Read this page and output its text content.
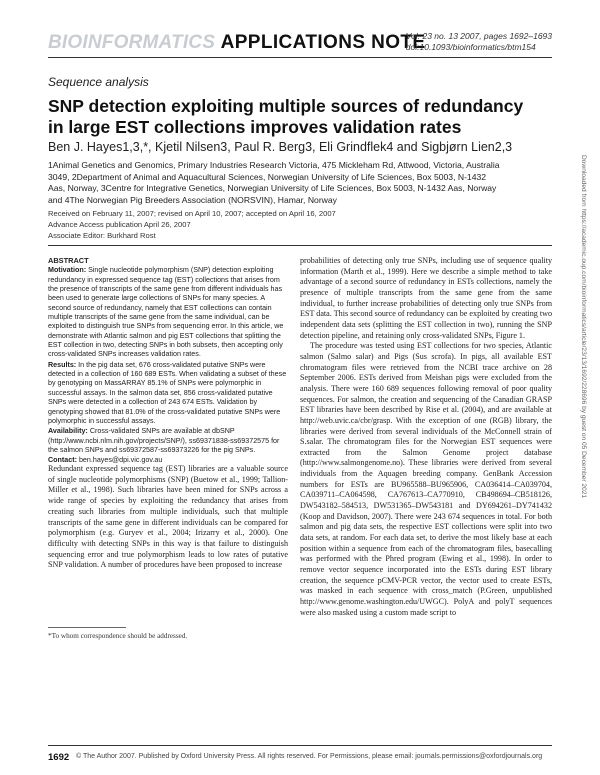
BIOINFORMATICS APPLICATIONS NOTE
Vol. 23 no. 13 2007, pages 1692–1693
doi:10.1093/bioinformatics/btm154
Sequence analysis
SNP detection exploiting multiple sources of redundancy
in large EST collections improves validation rates
Ben J. Hayes1,3,*, Kjetil Nilsen3, Paul R. Berg3, Eli Grindflek4 and Sigbjørn Lien2,3
1Animal Genetics and Genomics, Primary Industries Research Victoria, 475 Mickleham Rd, Attwood, Victoria, Australia
3049, 2Department of Animal and Aquacultural Sciences, Norwegian University of Life Sciences, Box 5003, N-1432
Aas, Norway, 3Centre for Integrative Genetics, Norwegian University of Life Sciences, Box 5003, N-1432 Aas, Norway
and 4The Norwegian Pig Breeders Association (NORSVIN), Hamar, Norway
Received on February 11, 2007; revised on April 10, 2007; accepted on April 16, 2007
Advance Access publication April 26, 2007
Associate Editor: Burkhard Rost
ABSTRACT

Motivation: Single nucleotide polymorphism (SNP) detection exploiting redundancy in expressed sequence tag (EST) collections that arises from the presence of transcripts of the same gene from different individuals has been used to generate large collections of SNPs for many species. A second source of redundancy, namely that EST collections can contain multiple transcripts of the same gene from the same individual, can be exploited to distinguish true SNPs from sequencing error. In this article, we demonstrate with Atlantic salmon and pig EST collections that splitting the EST collection in two, detecting SNPs in both subsets, then accepting only cross-validated SNPs increases validation rates.

Results: In the pig data set, 676 cross-validated putative SNPs were detected in a collection of 160 689 ESTs. When validating a subset of these by genotyping on MassARRAY 85.1% of SNPs were polymorphic in successful assays. In the salmon data set, 856 cross-validated putative SNPs were detected in a collection of 243 674 ESTs. Validation by genotyping showed that 81.0% of the cross-validated putative SNPs were polymorphic in successful assays.

Availability: Cross-validated SNPs are available at dbSNP (http://www.ncbi.nlm.nih.gov/projects/SNP/), ss69371838-ss69372575 for the salmon SNPs and ss69372587-ss69373226 for the pig SNPs.

Contact: ben.hayes@dpi.vic.gov.au

Redundant expressed sequence tag (EST) libraries are a valuable source of single nucleotide polymorphisms (SNP) (Buetow et al., 1999; Tallion-Miller et al., 1998). Such libraries have been mined for SNPs across a wide range of species by exploiting the redundancy that arises from creating such libraries from multiple individuals, such that multiple transcripts of the same gene in different individuals can be compared for polymorphism (e.g. Guryev et al., 2004; Irizarry et al., 2000). One difficulty with detecting SNPs in this way is that failure to distinguish sequencing error and true polymorphism leads to low rates of putative SNP validation. A number of procedures have been proposed to increase

probabilities of detecting only true SNPs, including use of sequence quality information (Marth et al., 1999). Here we describe a simple method to take advantage of a second source of redundancy in ESTs collections, namely the presence of multiple transcripts from the same gene from the same individual, to further increase probabilities of detecting only true SNPs from EST data. This second source of redundancy can be exploited by creating two independent data sets (splitting the EST collection in two), running the SNP detection pipeline, and retaining only cross-validated SNPs, Figure 1.

The procedure was tested using EST collections for two species, Atlantic salmon (Salmo salar) and Pigs (Sus scrofa). In pigs, all available EST chromatogram files were retrieved from the NCBI trace archive on 28 September 2006. ESTs derived from Meishan pigs were excluded from the analysis. There were 160 689 sequences following removal of poor quality sequences. For salmon, the creation and sequencing of the Canadian GRASP EST libraries have been described by Rise et al. (2004), and are available at http://web.uvic.ca/cbr/grasp. With the exception of one (RGB) library, the libraries were derived from several individuals of the McConnell strain of S.salar. The chromatogram files for the Norwegian EST sequences were extracted from the Salmon Genome project database (http://www.salmongenome.no). These libraries were derived from several individuals from the Aquagen breeding company. GenBank Accession numbers for ESTs are BU965588–BU965906, CA036414–CA039704, CA039711–CA064598, CA767613–CA770910, CB498694–CB518126, DW543182–584513, DW531365–DW543181 and DY694261–DY741432 (Koop and Davidson, 2007). There were 243 674 sequences in total. For both salmon and pig data sets, the respective EST collections were split into two data sets, at random. For each data set, to derive the most likely base at each position within a sequence from each of the chromatogram files, basecalling was performed with the Phred program (Ewing et al., 1998). In order to remove vector sequence incorporated into the ESTs during EST library creation, the sequence pCMV-PCR vector, the vector used to create ESTs, was masked in each sequence with cross_match (P.Green, unpublished http://www.genome.washington.edu/UWGC). PolyA and polyT sequences were also masked using a custom made script to

*To whom correspondence should be addressed.
1692 © The Author 2007. Published by Oxford University Press. All rights reserved. For Permissions, please email: journals.permissions@oxfordjournals.org
Downloaded from https://academic.oup.com/bioinformatics/article/23/13/1692/228696 by guest on 05 December 2021
